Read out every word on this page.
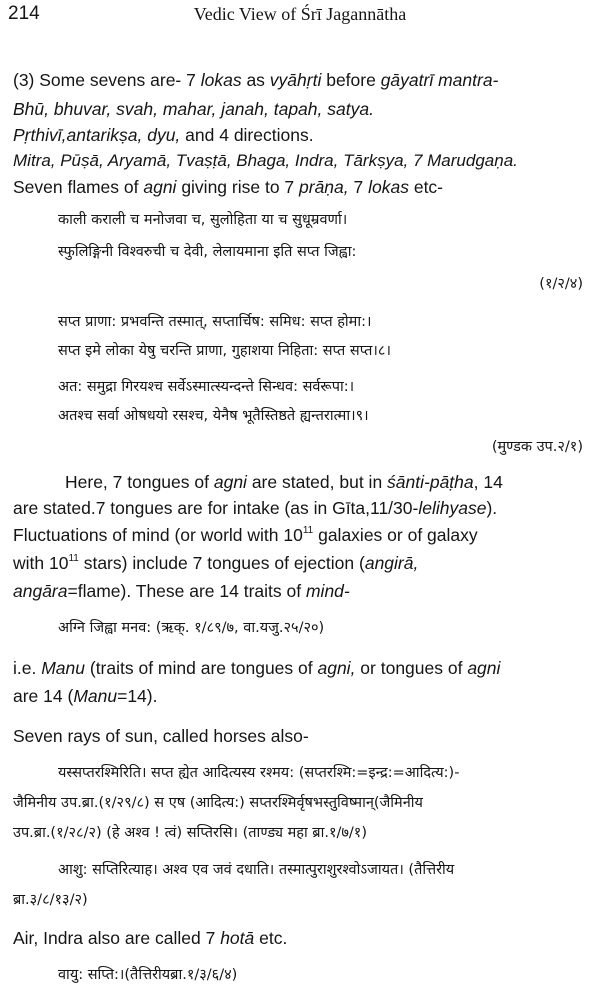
214	Vedic View of Śrī Jagannātha
(3) Some sevens are- 7 lokas as vyāhṛti before gāyatrī mantra-
Bhū, bhuvar, svah, mahar, janah, tapah, satya.
Pṛthivī,antarikṣa, dyu, and 4 directions.
Mitra, Pūṣā, Aryamā, Tvaṣṭā, Bhaga, Indra, Tārkṣya, 7 Marudgaṇa.
Seven flames of agni giving rise to 7 prāṇa, 7 lokas etc-
काली कराली च मनोजवा च, सुलोहिता या च सुधूम्रवर्णा।
स्फुलिङ्गिनी विश्वरुची च देवी, लेलायमाना इति सप्त जिह्वा:
(१/२/४)
सप्त प्राणा: प्रभवन्ति तस्मात्, सप्तार्चिष: समिध: सप्त होमा:।
सप्त इमे लोका येषु चरन्ति प्राणा, गुहाशया निहिता: सप्त सप्त।८।
अत: समुद्रा गिरयश्च सर्वेऽस्मात्स्यन्दन्ते सिन्धव: सर्वरूपा:।
अतश्च सर्वा ओषधयो रसश्च, येनैष भूतैस्तिष्ठते ह्यन्तरात्मा।९।
(मुण्डक उप.२/१)
Here, 7 tongues of agni are stated, but in śānti-pāṭha, 14
are stated.7 tongues are for intake (as in Gīta,11/30-lelihyase).
Fluctuations of mind (or world with $10^{11}$ galaxies or of galaxy
with $10^{11}$ stars) include 7 tongues of ejection (angirā,
angāra=flame). These are 14 traits of mind-
अग्नि जिह्वा मनव: (ऋक्. १/८९/७, वा.यजु.२५/२०)
i.e. Manu (traits of mind are tongues of agni, or tongues of agni
are 14 (Manu=14).
Seven rays of sun, called horses also-
यस्सप्तरश्मिरिति। सप्त ह्येत आदित्यस्य रश्मय: (सप्तरश्मि:=इन्द्र:=आदित्य:)-
जैमिनीय उप.ब्रा.(१/२९/८) स एष (आदित्य:) सप्तरश्मिर्वृषभस्तुविष्मान्(जैमिनीय
उप.ब्रा.(१/२८/२) (हे अश्व ! त्वं) सप्तिरसि। (ताण्ड्य महा ब्रा.१/७/१)
आशु: सप्तिरित्याह। अश्व एव जवं दधाति। तस्मात्पुराशुरश्वोऽजायत। (तैत्तिरीय
ब्रा.३/८/१३/२)
Air, Indra also are called 7 hotā etc.
वायु: सप्ति:।(तैत्तिरीयब्रा.१/३/६/४)
